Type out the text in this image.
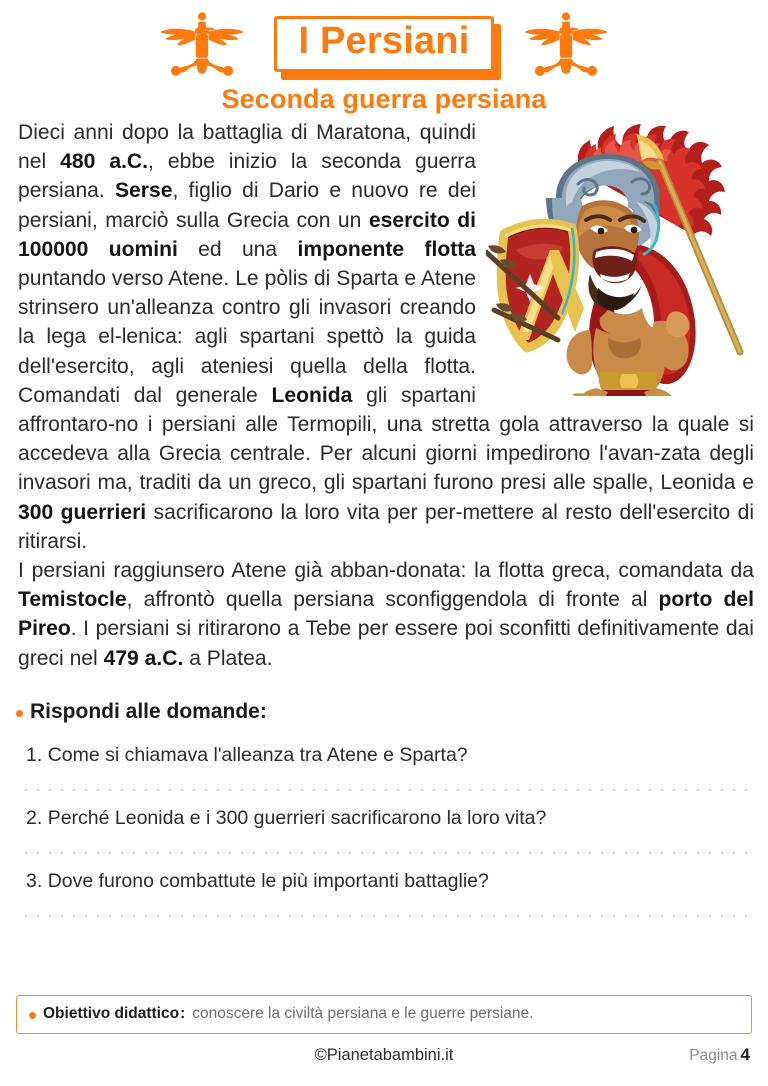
I Persiani
Seconda guerra persiana
Dieci anni dopo la battaglia di Maratona, quindi nel 480 a.C., ebbe inizio la seconda guerra persiana. Serse, figlio di Dario e nuovo re dei persiani, marciò sulla Grecia con un esercito di 100000 uomini ed una imponente flotta puntando verso Atene. Le pòlis di Sparta e Atene strinsero un'alleanza contro gli invasori creando la lega el-lenica: agli spartani spettò la guida dell'esercito, agli ateniesi quella della flotta. Comandati dal generale Leonida gli spartani affrontaro-no i persiani alle Termopili, una stretta gola attraverso la quale si accedeva alla Grecia centrale. Per alcuni giorni impedirono l'avan-zata degli invasori ma, traditi da un greco, gli spartani furono presi alle spalle, Leonida e 300 guerrieri sacrificarono la loro vita per per-mettere al resto dell'esercito di ritirarsi.
I persiani raggiunsero Atene già abban-donata: la flotta greca, comandata da Temistocle, affrontò quella persiana sconfiggendola di fronte al porto del Pireo. I persiani si ritirarono a Tebe per essere poi sconfitti definitivamente dai greci nel 479 a.C. a Platea.
Rispondi alle domande:
1. Come si chiamava l'alleanza tra Atene e Sparta?
2. Perché Leonida e i 300 guerrieri sacrificarono la loro vita?
3. Dove furono combattute le più importanti battaglie?
Obiettivo didattico : conoscere la civiltà persiana e le guerre persiane.
©Pianetabambini.it	Pagina 4
